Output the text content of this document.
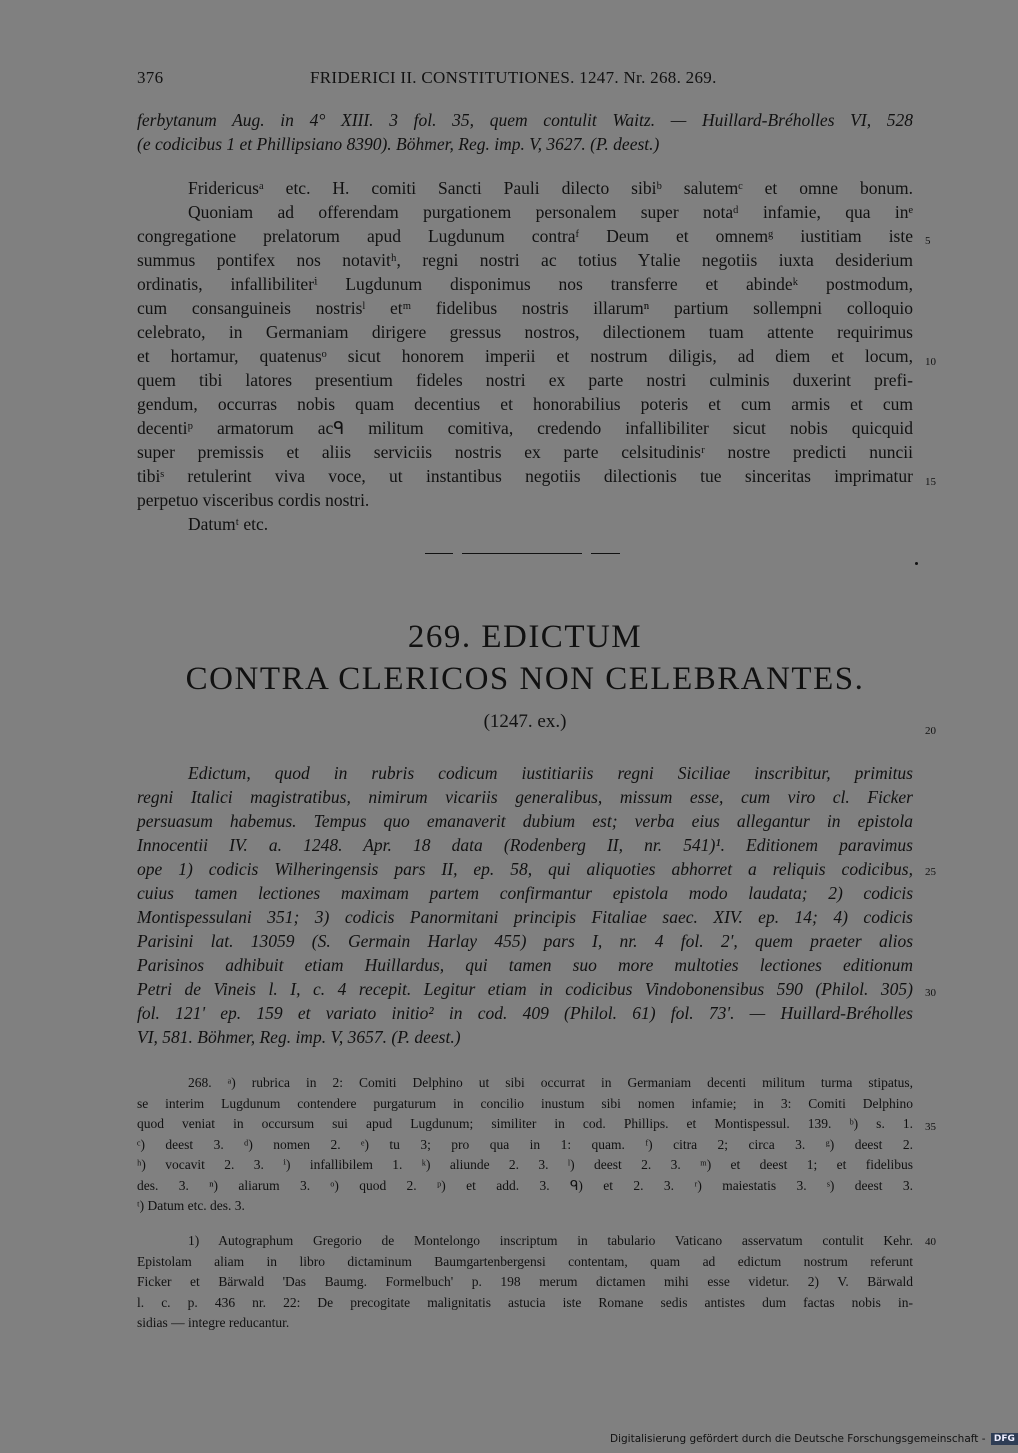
376	FRIDERICI II. CONSTITUTIONES. 1247. Nr. 268. 269.
ferbytanum Aug. in 4° XIII. 3 fol. 35, quem contulit Waitz. — Huillard-Bréholles VI, 528
(e codicibus 1 et Phillipsiano 8390). Böhmer, Reg. imp. V, 3627. (P. deest.)
Fridericusᵃ etc. H. comiti Sancti Pauli dilecto sibiᵇ salutemᶜ et omne bonum.
Quoniam ad offerendam purgationem personalem super notaᵈ infamie, qua inᵉ
congregatione prelatorum apud Lugdunum contraᶠ Deum et omnemᵍ iustitiam iste
summus pontifex nos notavitʰ, regni nostri ac totius Ytalie negotiis iuxta desiderium
ordinatis, infallibiliterⁱ Lugdunum disponimus nos transferre et abindeᵏ postmodum,
cum consanguineis nostrisˡ etᵐ fidelibus nostris illarumⁿ partium sollempni colloquio
celebrato, in Germaniam dirigere gressus nostros, dilectionem tuam attente requirimus
et hortamur, quatenusᵒ sicut honorem imperii et nostrum diligis, ad diem et locum,
quem tibi latores presentium fideles nostri ex parte nostri culminis duxerint prefi-
gendum, occurras nobis quam decentius et honorabilius poteris et cum armis et cum
decentiᵖ armatorum acᑫ militum comitiva, credendo infallibiliter sicut nobis quicquid
super premissis et aliis serviciis nostris ex parte celsitudinisʳ nostre predicti nuncii
tibiˢ retulerint viva voce, ut instantibus negotiis dilectionis tue sinceritas imprimatur
perpetuo visceribus cordis nostri.
Datumᵗ etc.
269. EDICTUM
CONTRA CLERICOS NON CELEBRANTES.
(1247. ex.)
Edictum, quod in rubris codicum iustitiariis regni Siciliae inscribitur, primitus
regni Italici magistratibus, nimirum vicariis generalibus, missum esse, cum viro cl. Ficker
persuasum habemus. Tempus quo emanaverit dubium est; verba eius allegantur in epistola
Innocentii IV. a. 1248. Apr. 18 data (Rodenberg II, nr. 541)¹. Editionem paravimus
ope 1) codicis Wilheringensis pars II, ep. 58, qui aliquoties abhorret a reliquis codicibus,
cuius tamen lectiones maximam partem confirmantur epistola modo laudata; 2) codicis
Montispessulani 351; 3) codicis Panormitani principis Fitaliae saec. XIV. ep. 14; 4) codicis
Parisini lat. 13059 (S. Germain Harlay 455) pars I, nr. 4 fol. 2', quem praeter alios
Parisinos adhibuit etiam Huillardus, qui tamen suo more multoties lectiones editionum
Petri de Vineis l. I, c. 4 recepit. Legitur etiam in codicibus Vindobonensibus 590 (Philol. 305)
fol. 121' ep. 159 et variato initio² in cod. 409 (Philol. 61) fol. 73'. — Huillard-Bréholles
VI, 581. Böhmer, Reg. imp. V, 3657. (P. deest.)
268. ᵃ) rubrica in 2: Comiti Delphino ut sibi occurrat in Germaniam decenti militum turma stipatus,
se interim Lugdunum contendere purgaturum in concilio inustum sibi nomen infamie; in 3: Comiti Delphino
quod veniat in occursum sui apud Lugdunum; similiter in cod. Phillips. et Montispessul. 139. ᵇ) s. 1.
ᶜ) deest 3. ᵈ) nomen 2. ᵉ) tu 3; pro qua in 1: quam. ᶠ) citra 2; circa 3. ᵍ) deest 2.
ʰ) vocavit 2. 3. ⁱ) infallibilem 1. ᵏ) aliunde 2. 3. ˡ) deest 2. 3. ᵐ) et deest 1; et fidelibus
des. 3. ⁿ) aliarum 3. ᵒ) quod 2. ᵖ) et add. 3. ᑫ) et 2. 3. ʳ) maiestatis 3. ˢ) deest 3.
ᵗ) Datum etc. des. 3.
1) Autographum Gregorio de Montelongo inscriptum in tabulario Vaticano asservatum contulit Kehr.
Epistolam aliam in libro dictaminum Baumgartenbergensi contentam, quam ad edictum nostrum referunt
Ficker et Bärwald 'Das Baumg. Formelbuch' p. 198 merum dictamen mihi esse videtur. 2) V. Bärwald
l. c. p. 436 nr. 22: De precogitate malignitatis astucia iste Romane sedis antistes dum factas nobis in-
sidias — integre reducantur.
5
10
15
20
25
30
35
40
Digitalisierung gefördert durch die Deutsche Forschungsgemeinschaft - DFG
